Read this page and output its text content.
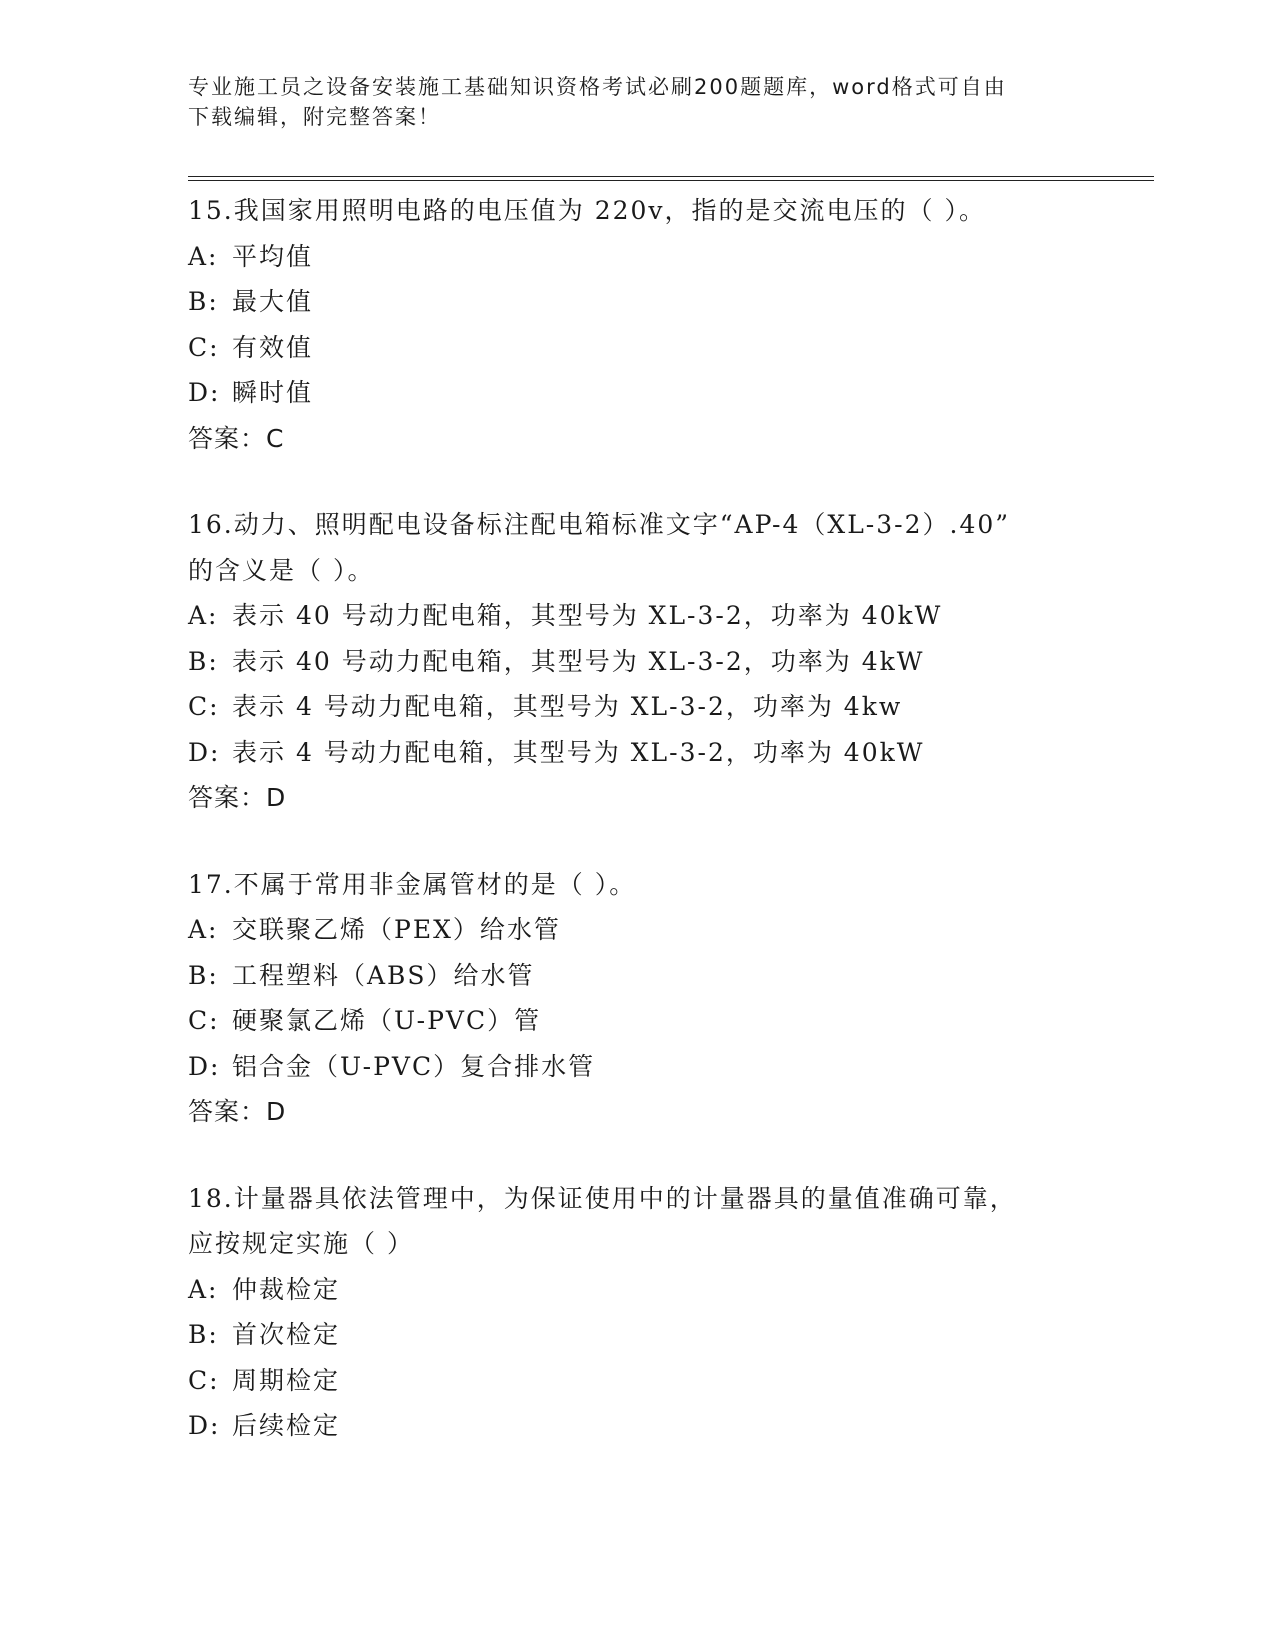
专业施工员之设备安装施工基础知识资格考试必刷200题题库，word格式可自由
下载编辑，附完整答案！
15.我国家用照明电路的电压值为 220v，指的是交流电压的（ ）。
A: 平均值
B: 最大值
C: 有效值
D: 瞬时值
答案：C
16.动力、照明配电设备标注配电箱标准文字“AP-4（XL-3-2）.40”
的含义是（ ）。
A: 表示 40 号动力配电箱，其型号为 XL-3-2，功率为 40kW
B: 表示 40 号动力配电箱，其型号为 XL-3-2，功率为 4kW
C: 表示 4 号动力配电箱，其型号为 XL-3-2，功率为 4kw
D: 表示 4 号动力配电箱，其型号为 XL-3-2，功率为 40kW
答案：D
17.不属于常用非金属管材的是（ ）。
A: 交联聚乙烯（PEX）给水管
B: 工程塑料（ABS）给水管
C: 硬聚氯乙烯（U-PVC）管
D: 铝合金（U-PVC）复合排水管
答案：D
18.计量器具依法管理中，为保证使用中的计量器具的量值准确可靠，
应按规定实施（ ）
A: 仲裁检定
B: 首次检定
C: 周期检定
D: 后续检定
